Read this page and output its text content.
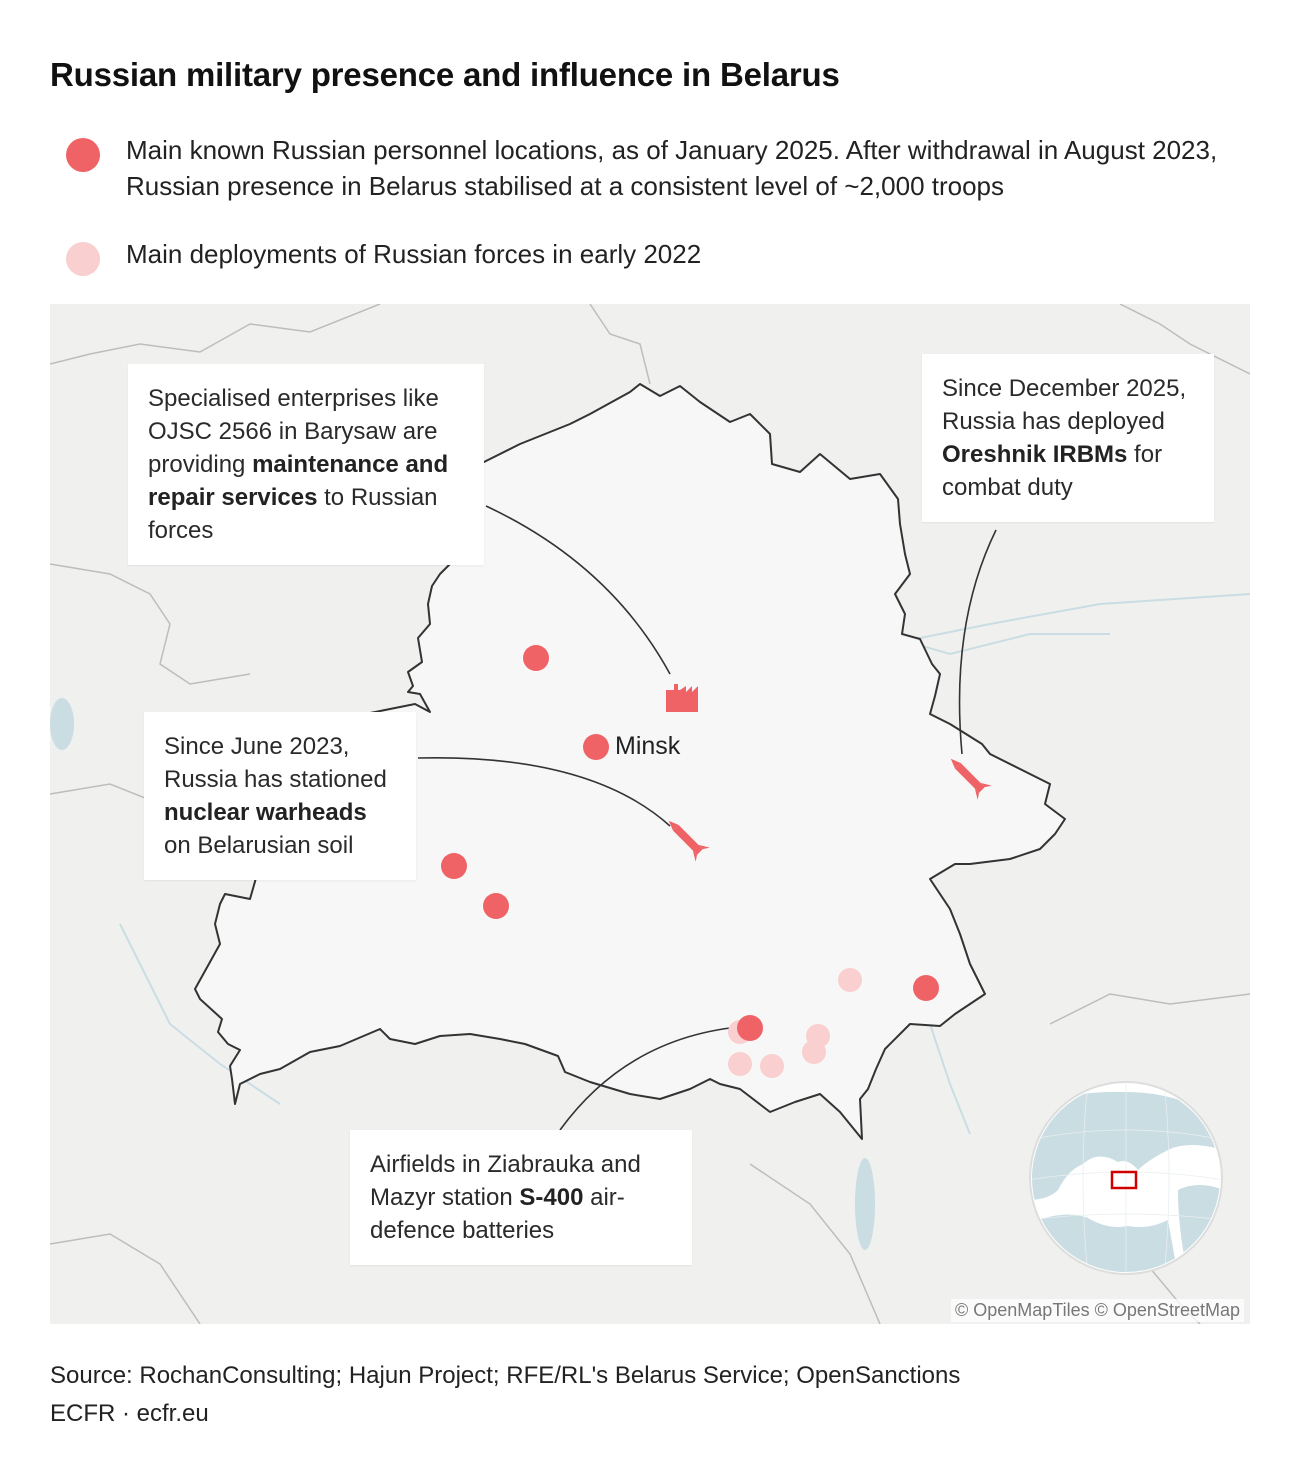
Russian military presence and influence in Belarus
Main known Russian personnel locations, as of January 2025. After withdrawal in August 2023, Russian presence in Belarus stabilised at a consistent level of ~2,000 troops
Main deployments of Russian forces in early 2022
Minsk
Specialised enterprises like OJSC 2566 in Barysaw are providing maintenance and repair services to Russian forces
Since June 2023, Russia has stationed nuclear warheads on Belarusian soil
Since December 2025, Russia has deployed Oreshnik IRBMs for combat duty
Airfields in Ziabrauka and Mazyr station S-400 air-defence batteries
© OpenMapTiles © OpenStreetMap
Source: RochanConsulting; Hajun Project; RFE/RL's Belarus Service; OpenSanctions
ECFR · ecfr.eu
